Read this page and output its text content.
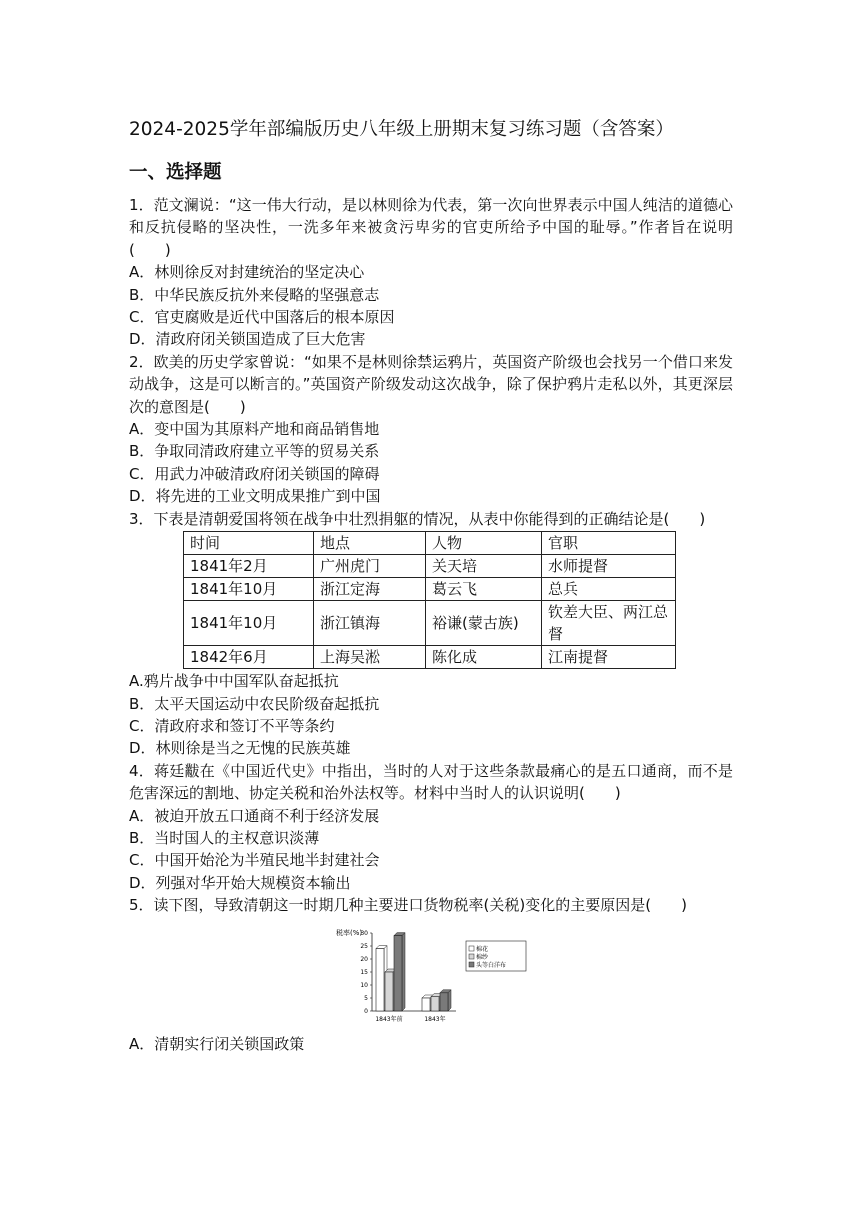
2024-2025学年部编版历史八年级上册期末复习练习题（含答案）
一、选择题

1．范文澜说：“这一伟大行动，是以林则徐为代表，第一次向世界表示中国人纯洁的道德心和反抗侵略的坚决性，一洗多年来被贪污卑劣的官吏所给予中国的耻辱。”作者旨在说明(　　)

A．林则徐反对封建统治的坚定决心

B．中华民族反抗外来侵略的坚强意志

C．官吏腐败是近代中国落后的根本原因

D．清政府闭关锁国造成了巨大危害

2．欧美的历史学家曾说：“如果不是林则徐禁运鸦片，英国资产阶级也会找另一个借口来发动战争，这是可以断言的。”英国资产阶级发动这次战争，除了保护鸦片走私以外，其更深层次的意图是(　　)

A．变中国为其原料产地和商品销售地

B．争取同清政府建立平等的贸易关系

C．用武力冲破清政府闭关锁国的障碍

D．将先进的工业文明成果推广到中国

3．下表是清朝爱国将领在战争中壮烈捐躯的情况，从表中你能得到的正确结论是(　　)

时间	地点	人物	官职
1841年2月	广州虎门	关天培	水师提督
1841年10月	浙江定海	葛云飞	总兵
1841年10月	浙江镇海	裕谦(蒙古族)	钦差大臣、两江总督
1842年6月	上海吴淞	陈化成	江南提督

A.鸦片战争中中国军队奋起抵抗

B．太平天国运动中农民阶级奋起抵抗

C．清政府求和签订不平等条约

D．林则徐是当之无愧的民族英雄

4．蒋廷黻在《中国近代史》中指出，当时的人对于这些条款最痛心的是五口通商，而不是危害深远的割地、协定关税和治外法权等。材料中当时人的认识说明(　　)

A．被迫开放五口通商不利于经济发展

B．当时国人的主权意识淡薄

C．中国开始沦为半殖民地半封建社会

D．列强对华开始大规模资本输出

5．读下图，导致清朝这一时期几种主要进口货物税率(关税)变化的主要原因是(　　)

税率(%)
0
5
10
15
20
25
30
1843年前	1843年
棉花
棉纱
头等白洋布

A．清朝实行闭关锁国政策
